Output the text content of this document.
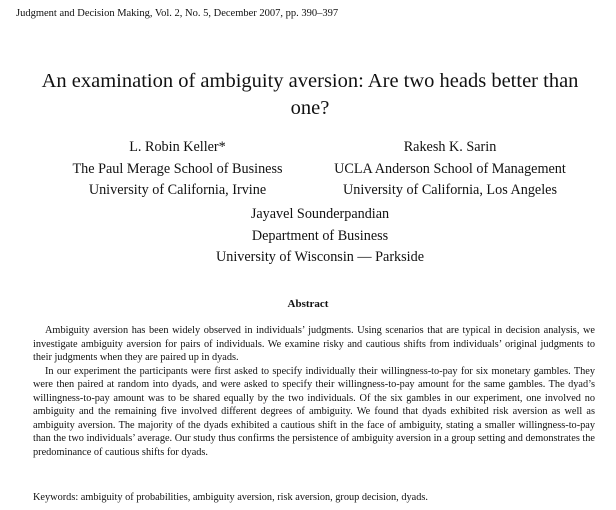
Judgment and Decision Making, Vol. 2, No. 5, December 2007, pp. 390–397
An examination of ambiguity aversion: Are two heads better than
one?
L. Robin Keller*
The Paul Merage School of Business
University of California, Irvine
Rakesh K. Sarin
UCLA Anderson School of Management
University of California, Los Angeles
Jayavel Sounderpandian
Department of Business
University of Wisconsin — Parkside
Abstract

Ambiguity aversion has been widely observed in individuals’ judgments. Using scenarios that are typical in decision analysis, we investigate ambiguity aversion for pairs of individuals. We examine risky and cautious shifts from individuals’ original judgments to their judgments when they are paired up in dyads.

In our experiment the participants were first asked to specify individually their willingness-to-pay for six monetary gambles. They were then paired at random into dyads, and were asked to specify their willingness-to-pay amount for the same gambles. The dyad’s willingness-to-pay amount was to be shared equally by the two individuals. Of the six gambles in our experiment, one involved no ambiguity and the remaining five involved different degrees of ambiguity. We found that dyads exhibited risk aversion as well as ambiguity aversion. The majority of the dyads exhibited a cautious shift in the face of ambiguity, stating a smaller willingness-to-pay than the two individuals’ average. Our study thus confirms the persistence of ambiguity aversion in a group setting and demonstrates the predominance of cautious shifts for dyads.

Keywords: ambiguity of probabilities, ambiguity aversion, risk aversion, group decision, dyads.
